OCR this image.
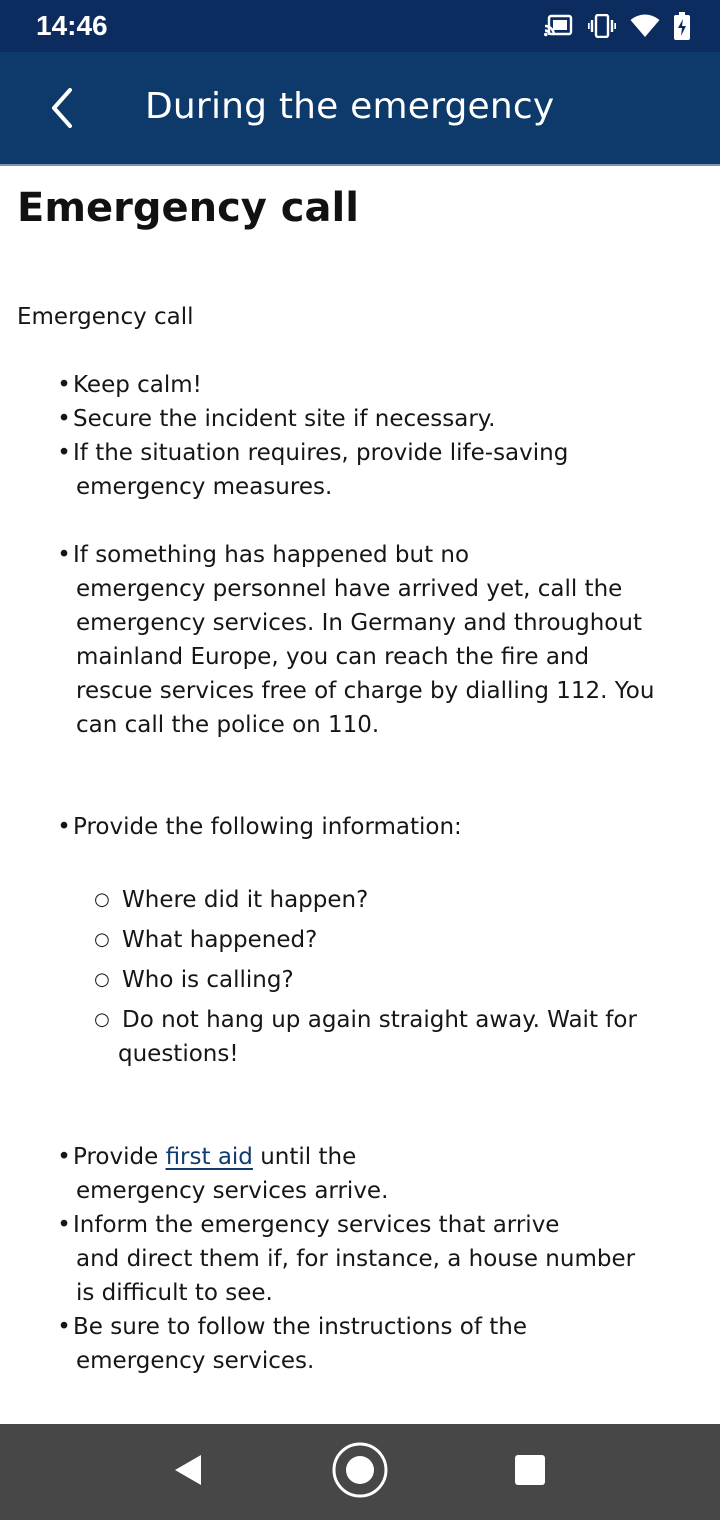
14:46
During the emergency
Emergency call

Emergency call

• Keep calm!
• Secure the incident site if necessary.
• If the situation requires, provide life-saving
emergency measures.
• If something has happened but no
emergency personnel have arrived yet, call the
emergency services. In Germany and throughout
mainland Europe, you can reach the fire and
rescue services free of charge by dialling 112. You
can call the police on 110.
• Provide the following information:
○ Where did it happen?
○ What happened?
○ Who is calling?
○ Do not hang up again straight away. Wait for
questions!
• Provide first aid until the
emergency services arrive.
• Inform the emergency services that arrive
and direct them if, for instance, a house number
is difficult to see.
• Be sure to follow the instructions of the
emergency services.
